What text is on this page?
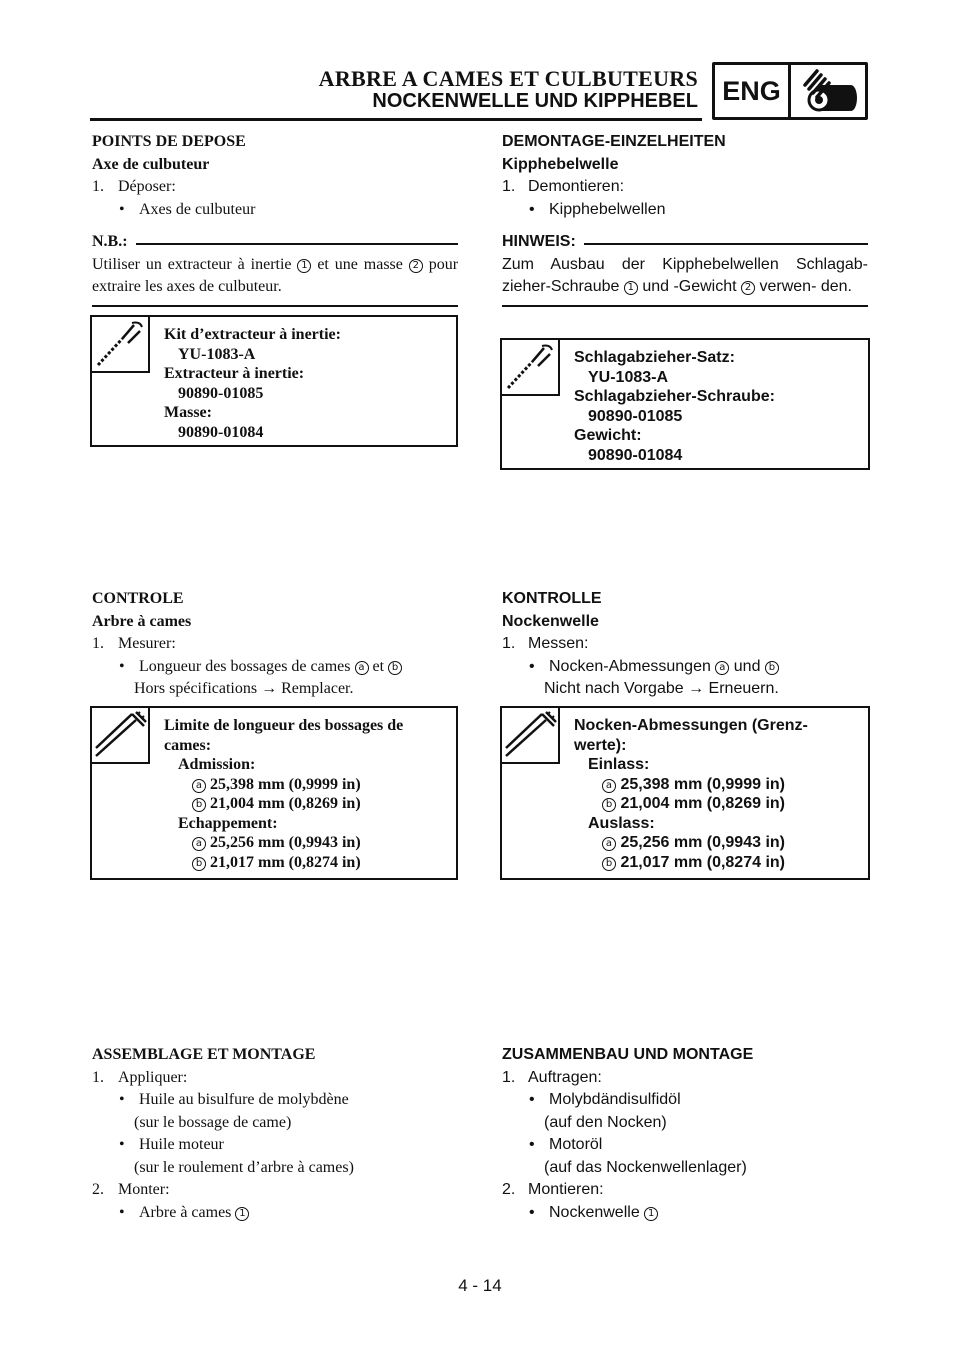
ARBRE A CAMES ET CULBUTEURS
NOCKENWELLE UND KIPPHEBEL ENG
POINTS DE DEPOSE
Axe de culbuteur
1. Déposer:
• Axes de culbuteur
N.B.:
Utiliser un extracteur à inertie 1 et une masse 2 pour extraire les axes de culbuteur.
Kit d’extracteur à inertie:
YU-1083-A
Extracteur à inertie:
90890-01085
Masse:
90890-01084
DEMONTAGE-EINZELHEITEN
Kipphebelwelle
1. Demontieren:
• Kipphebelwellen
HINWEIS:
Zum Ausbau der Kipphebelwellen Schlagab- zieher-Schraube 1 und -Gewicht 2 verwen- den.
Schlagabzieher-Satz:
YU-1083-A
Schlagabzieher-Schraube:
90890-01085
Gewicht:
90890-01084
CONTROLE
Arbre à cames
1. Mesurer:
• Longueur des bossages de cames a et b
Hors spécifications → Remplacer.
Limite de longueur des bossages de cames:
Admission:
a 25,398 mm (0,9999 in)
b 21,004 mm (0,8269 in)
Echappement:
a 25,256 mm (0,9943 in)
b 21,017 mm (0,8274 in)
KONTROLLE
Nockenwelle
1. Messen:
• Nocken-Abmessungen a und b
Nicht nach Vorgabe → Erneuern.
Nocken-Abmessungen (Grenz- werte):
Einlass:
a 25,398 mm (0,9999 in)
b 21,004 mm (0,8269 in)
Auslass:
a 25,256 mm (0,9943 in)
b 21,017 mm (0,8274 in)
ASSEMBLAGE ET MONTAGE
1. Appliquer:
• Huile au bisulfure de molybdène
(sur le bossage de came)
• Huile moteur
(sur le roulement d’arbre à cames)
2. Monter:
• Arbre à cames 1
ZUSAMMENBAU UND MONTAGE
1. Auftragen:
• Molybdändisulfidöl
(auf den Nocken)
• Motoröl
(auf das Nockenwellenlager)
2. Montieren:
• Nockenwelle 1
4 - 14
